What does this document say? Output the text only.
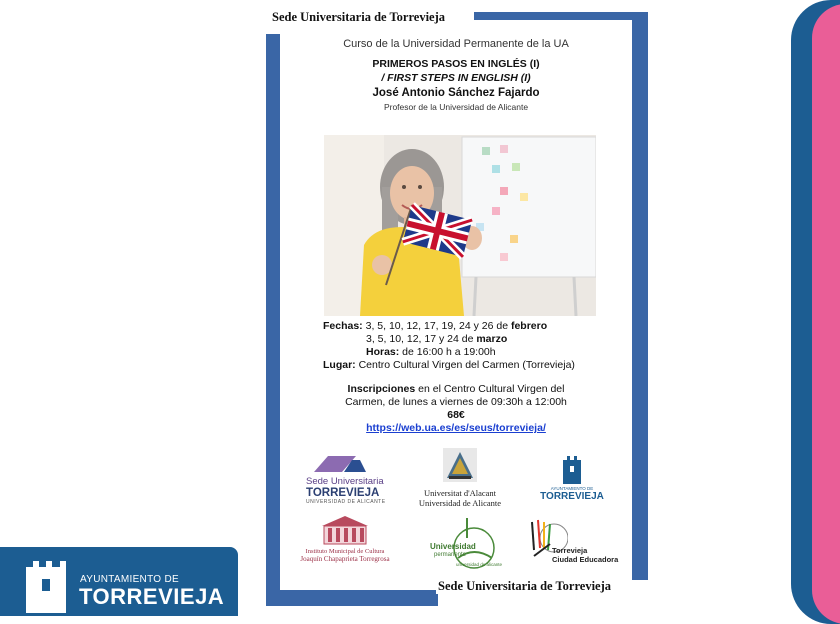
Sede Universitaria de Torrevieja
Curso de la Universidad Permanente de la UA
PRIMEROS PASOS EN INGLÉS (I)
/ FIRST STEPS IN ENGLISH (I)
José Antonio Sánchez Fajardo
Profesor de la Universidad de Alicante
Fechas: 3, 5, 10, 12, 17, 19, 24 y 26 de febrero
3, 5, 10, 12, 17 y 24 de marzo
Horas: de 16:00 h a 19:00h
Lugar: Centro Cultural Virgen del Carmen (Torrevieja)
Inscripciones en el Centro Cultural Virgen del
Carmen, de lunes a viernes de 09:30h a 12:00h
68€
https://web.ua.es/es/seus/torrevieja/
Sede Universitaria
TORREVIEJA
UNIVERSIDAD DE ALICANTE
Universitat d'Alacant
Universidad de Alicante
AYUNTAMIENTO DE
TORREVIEJA
Instituto Municipal de Cultura
Joaquín Chapaprieta Torregrosa
Universidad
permanente
universidad de alicante
Torrevieja
Ciudad Educadora
Sede Universitaria de Torrevieja
AYUNTAMIENTO DE
TORREVIEJA
